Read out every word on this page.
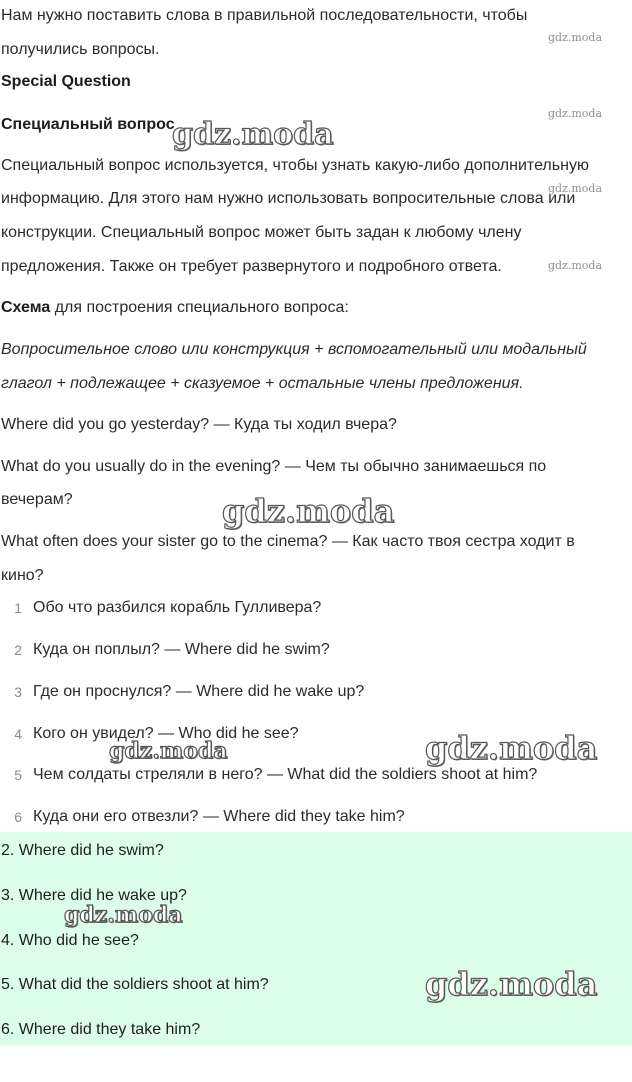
Нам нужно поставить слова в правильной последовательности, чтобы
получились вопросы.
Special Question
Специальный вопрос
Специальный вопрос используется, чтобы узнать какую-либо дополнительную
информацию. Для этого нам нужно использовать вопросительные слова или
конструкции. Специальный вопрос может быть задан к любому члену
предложения. Также он требует развернутого и подробного ответа.
Схема для построения специального вопроса:
Вопросительное слово или конструкция + вспомогательный или модальный
глагол + подлежащее + сказуемое + остальные члены предложения.
Where did you go yesterday? — Куда ты ходил вчера?
What do you usually do in the evening? — Чем ты обычно занимаешься по
вечерам?
What often does your sister go to the cinema? — Как часто твоя сестра ходит в
кино?
1 Обо что разбился корабль Гулливера?
2 Куда он поплыл? — Where did he swim?
3 Где он проснулся? — Where did he wake up?
4 Кого он увидел? — Who did he see?
5 Чем солдаты стреляли в него? — What did the soldiers shoot at him?
6 Куда они его отвезли? — Where did they take him?
2. Where did he swim?
3. Where did he wake up?
4. Who did he see?
5. What did the soldiers shoot at him?
6. Where did they take him?
gdz.moda
gdz.moda
gdz.moda
gdz.moda
gdz.moda
gdz.moda
gdz.moda
gdz.moda
gdz.moda
gdz.moda
